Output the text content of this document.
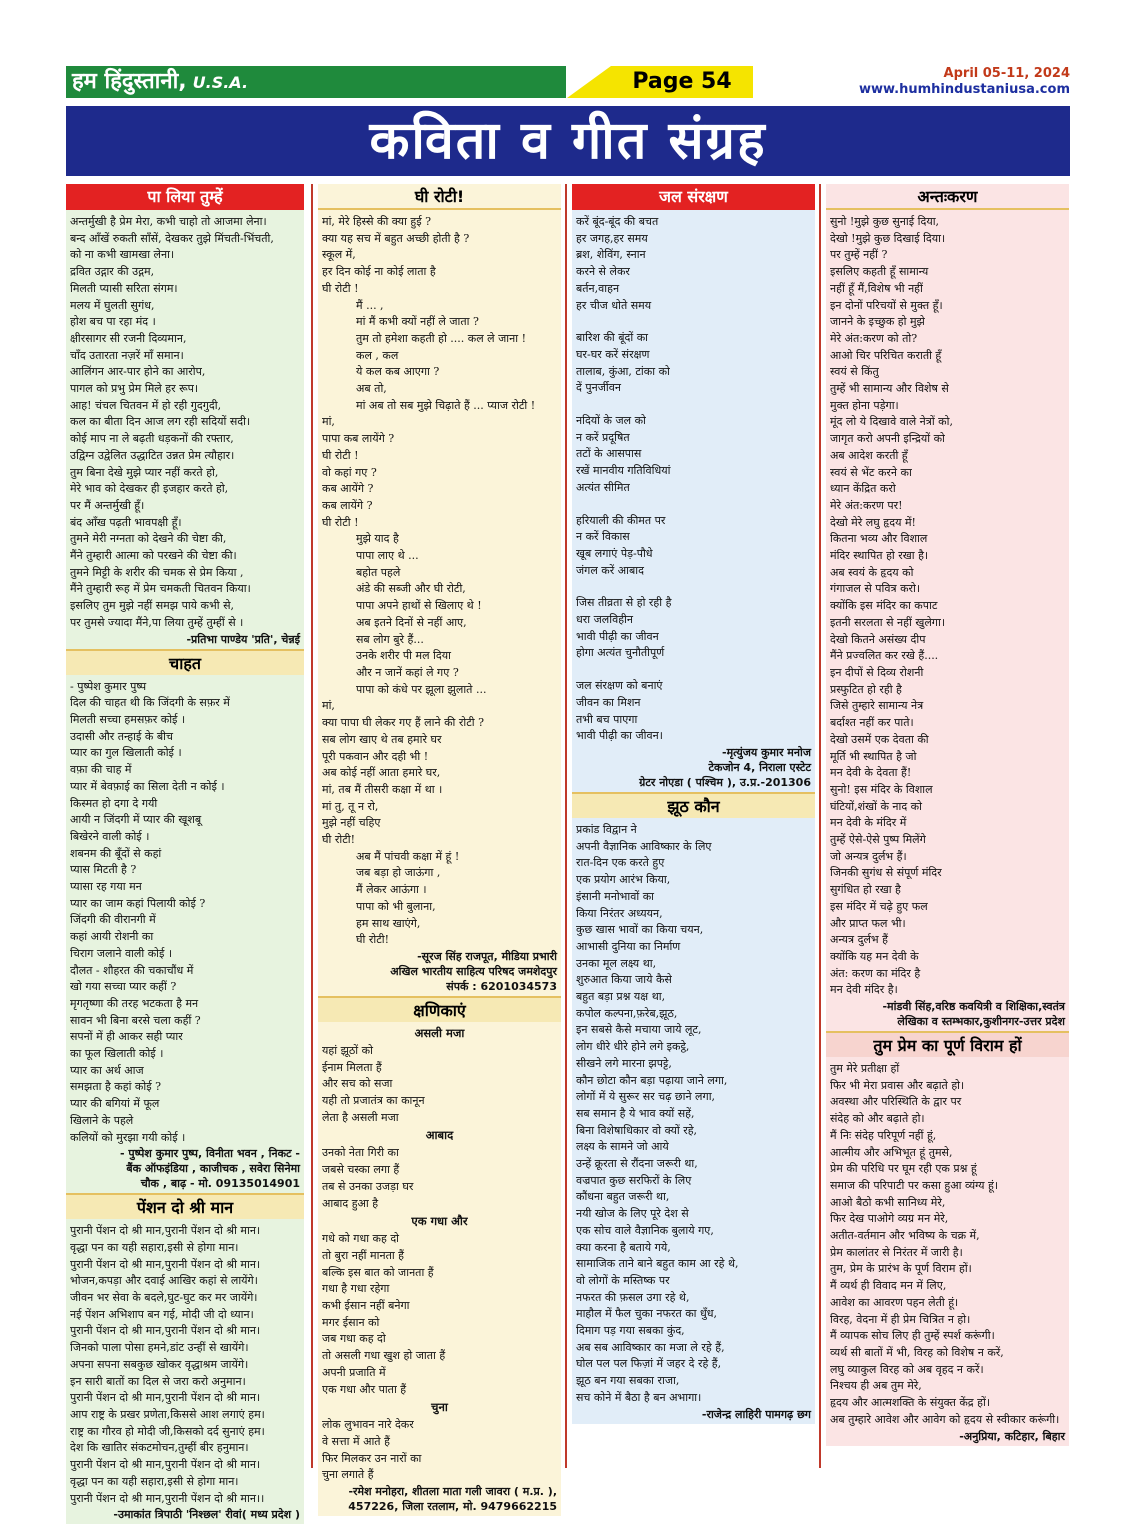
हम हिंदुस्तानी, U.S.A.	Page 54	April 05-11, 2024
www.humhindustaniusa.com
कविता व गीत संग्रह
पा लिया तुम्हें
अन्तर्मुखी है प्रेम मेरा, कभी चाहो तो आजमा लेना।
बन्द आँखें रुकती साँसें, देखकर तुझे मिंचती-भिंचती,
को ना कभी खामखा लेना।
द्रवित उद्गार की उद्गम,
मिलती प्यासी सरिता संगम।
मलय में घुलती सुगंध,
होश बच पा रहा मंद ।
क्षीरसागर सी रजनी दिव्यमान,
चाँद उतारता नज़रें माँ समान।
आलिंगन आर-पार होने का आरोप,
पागल को प्रभु प्रेम मिले हर रूप।
आह! चंचल चितवन में हो रही गुदगुदी,
कल का बीता दिन आज लग रही सदियों सदी।
कोई माप ना ले बढ़ती धड़कनों की रफ्तार,
उद्विग्न उद्वेलित उद्धाटित उन्नत प्रेम त्यौहार।
तुम बिना देखे मुझे प्यार नहीं करते हो,
मेरे भाव को देखकर ही इजहार करते हो,
पर मैं अन्तर्मुखी हूँ।
बंद आँख पढ़ती भावपक्षी हूँ।
तुमने मेरी नग्नता को देखने की चेष्टा की,
मैंने तुम्हारी आत्मा को परखने की चेष्टा की।
तुमने मिट्टी के शरीर की चमक से प्रेम किया ,
मैंने तुम्हारी रूह में प्रेम चमकती चितवन किया।
इसलिए तुम मुझे नहीं समझ पाये कभी से,
पर तुमसे ज्यादा मैंने,पा लिया तुम्हें तुम्हीं से ।
-प्रतिभा पाण्डेय 'प्रति', चेन्नई
चाहत
- पुष्पेश कुमार पुष्प
दिल की चाहत थी कि जिंदगी के सफ़र में
मिलती सच्चा हमसफ़र कोई ।
उदासी और तन्हाई के बीच
प्यार का गुल खिलाती कोई ।
वफ़ा की चाह में
प्यार में बेवफ़ाई का सिला देती न कोई ।
किस्मत हो दगा दे गयी
आयी न जिंदगी में प्यार की खूशबू
बिखेरने वाली कोई ।
शबनम की बूँदों से कहां
प्यास मिटती है ?
प्यासा रह गया मन
प्यार का जाम कहां पिलायी कोई ?
जिंदगी की वीरानगी में
कहां आयी रोशनी का
चिराग जलाने वाली कोई ।
दौलत - शौहरत की चकाचौंध में
खो गया सच्चा प्यार कहीं ?
मृगतृष्णा की तरह भटकता है मन
सावन भी बिना बरसे चला कहीं ?
सपनों में ही आकर सही प्यार
का फूल खिलाती कोई ।
प्यार का अर्थ आज
समझता है कहां कोई ?
प्यार की बगियां में फूल
खिलाने के पहले
कलियों को मुरझा गयी कोई ।
- पुष्पेश कुमार पुष्प, विनीता भवन , निकट -
बैंक ऑफइंडिया , काजीचक , सवेरा सिनेमा
चौक , बाढ़ - मो. 09135014901
पेंशन दो श्री मान
पुरानी पेंशन दो श्री मान,पुरानी पेंशन दो श्री मान।
वृद्धा पन का यही सहारा,इसी से होगा मान।
पुरानी पेंशन दो श्री मान,पुरानी पेंशन दो श्री मान।
भोजन,कपड़ा और दवाई आखिर कहां से लायेंगे।
जीवन भर सेवा के बदले,घुट-घुट कर मर जायेंगे।
नई पेंशन अभिशाप बन गई, मोदी जी दो ध्यान।
पुरानी पेंशन दो श्री मान,पुरानी पेंशन दो श्री मान।
जिनको पाला पोसा हमने,डांट उन्हीं से खायेंगे।
अपना सपना सबकुछ खोकर वृद्धाश्रम जायेंगे।
इन सारी बातों का दिल से जरा करो अनुमान।
पुरानी पेंशन दो श्री मान,पुरानी पेंशन दो श्री मान।
आप राष्ट्र के प्रखर प्रणेता,किससे आश लगाएं हम।
राष्ट्र का गौरव हो मोदी जी,किसको दर्द सुनाएं हम।
देश कि खातिर संकटमोचन,तुम्हीं बीर हनुमान।
पुरानी पेंशन दो श्री मान,पुरानी पेंशन दो श्री मान।
वृद्धा पन का यही सहारा,इसी से होगा मान।
पुरानी पेंशन दो श्री मान,पुरानी पेंशन दो श्री मान।।
-उमाकांत त्रिपाठी 'निश्छल' रीवां( मध्य प्रदेश )
घी रोटी!
मां, मेरे हिस्से की क्या हुई ?
क्या यह सच में बहुत अच्छी होती है ?
स्कूल में,
हर दिन कोई ना कोई लाता है
घी रोटी !
मैं ... ,
मां मैं कभी क्यों नहीं ले जाता ?
तुम तो हमेशा कहती हो .... कल ले जाना !
कल , कल
ये कल कब आएगा ?
अब तो,
मां अब तो सब मुझे चिढ़ाते हैं ... प्याज रोटी !
मां,
पापा कब लायेंगे ?
घी रोटी !
वो कहां गए ?
कब आयेंगे ?
कब लायेंगे ?
घी रोटी !
मुझे याद है
पापा लाए थे ...
बहोत पहले
अंडे की सब्जी और घी रोटी,
पापा अपने हाथों से खिलाए थे !
अब इतने दिनों से नहीं आए,
सब लोग बुरे हैं...
उनके शरीर पी मल दिया
और न जानें कहां ले गए ?
पापा को कंधे पर झूला झुलाते ...
मां,
क्या पापा घी लेकर गए हैं लाने की रोटी ?
सब लोग खाए थे तब हमारे घर
पूरी पकवान और दही भी !
अब कोई नहीं आता हमारे घर,
मां, तब मैं तीसरी कक्षा में था ।
मां तु, तू न रो,
मुझे नहीं चहिए
घी रोटी!
अब मैं पांचवी कक्षा में हूं !
जब बड़ा हो जाऊंगा ,
मैं लेकर आऊंगा ।
पापा को भी बुलाना,
हम साथ खाएंगे,
घी रोटी!
-सूरज सिंह राजपूत, मीडिया प्रभारी
अखिल भारतीय साहित्य परिषद जमशेदपुर
संपर्क : 6201034573
क्षणिकाएं
असली मजा
यहां झूठों को
ईनाम मिलता हैं
और सच को सजा
यही तो प्रजातंत्र का कानून
लेता है असली मजा
आबाद
उनको नेता गिरी का
जबसे चस्का लगा हैं
तब से उनका उजड़ा घर
आबाद हुआ है
एक गधा और
गधे को गधा कह दो
तो बुरा नहीं मानता हैं
बल्कि इस बात को जानता हैं
गधा है गधा रहेगा
कभी ईसान नहीं बनेगा
मगर ईसान को
जब गधा कह दो
तो असली गधा खुश हो जाता हैं
अपनी प्रजाति में
एक गधा और पाता हैं
चुना
लोक लुभावन नारे देकर
वे सत्ता में आते हैं
फिर मिलकर उन नारों का
चुना लगाते हैं
-रमेश मनोहरा, शीतला माता गली जावरा ( म.प्र. ),
457226, जिला रतलाम, मो. 9479662215
जल संरक्षण
करें बूंद-बूंद की बचत
हर जगह,हर समय
ब्रश, शेविंग, स्नान
करने से लेकर
बर्तन,वाहन
हर चीज धोते समय
बारिश की बूंदों का
घर-घर करें संरक्षण
तालाब, कुंआ, टांका को
दें पुनर्जीवन
नदियों के जल को
न करें प्रदूषित
तटों के आसपास
रखें मानवीय गतिविधियां
अत्यंत सीमित
हरियाली की कीमत पर
न करें विकास
खूब लगाएं पेड़-पौधे
जंगल करें आबाद
जिस तीव्रता से हो रही है
धरा जलविहीन
भावी पीढ़ी का जीवन
होगा अत्यंत चुनौतीपूर्ण
जल संरक्षण को बनाएं
जीवन का मिशन
तभी बच पाएगा
भावी पीढ़ी का जीवन।
-मृत्युंजय कुमार मनोज
टेकजोन 4, निराला एस्टेट
ग्रेटर नोएडा ( पश्चिम ), उ.प्र.-201306
झूठ कौन
प्रकांड विद्वान ने
अपनी वैज्ञानिक आविष्कार के लिए
रात-दिन एक करते हुए
एक प्रयोग आरंभ किया,
इंसानी मनोभावों का
किया निरंतर अध्ययन,
कुछ खास भावों का किया चयन,
आभासी दुनिया का निर्माण
उनका मूल लक्ष्य था,
शुरुआत किया जाये कैसे
बहुत बड़ा प्रश्न यक्ष था,
कपोल कल्पना,फ़रेब,झूठ,
इन सबसे कैसे मचाया जाये लूट,
लोग धीरे धीरे होने लगे इकट्ठे,
सीखने लगे मारना झपट्टे,
कौन छोटा कौन बड़ा पढ़ाया जाने लगा,
लोगों में ये सुरूर सर चढ़ छाने लगा,
सब समान है ये भाव क्यों सहें,
बिना विशेषाधिकार वो क्यों रहे,
लक्ष्य के सामने जो आये
उन्हें क्रूरता से रौंदना जरूरी था,
वज्रपात कुछ सरफिरों के लिए
कौंधना बहुत जरूरी था,
नयी खोज के लिए पूरे देश से
एक सोच वाले वैज्ञानिक बुलाये गए,
क्या करना है बताये गये,
सामाजिक ताने बाने बहुत काम आ रहे थे,
वो लोगों के मस्तिष्क पर
नफरत की फ़सल उगा रहे थे,
माहौल में फैल चुका नफरत का धुँध,
दिमाग पड़ गया सबका कुंद,
अब सब आविष्कार का मजा ले रहे हैं,
घोल पल पल फिज़ां में जहर दे रहे हैं,
झूठ बन गया सबका राजा,
सच कोने में बैठा है बन अभागा।
-राजेन्द्र लाहिरी पामगढ़ छग
अन्तःकरण
सुनो !मुझे कुछ सुनाई दिया,
देखो !मुझे कुछ दिखाई दिया।
पर तुम्हें नहीं ?
इसलिए कहती हूँ सामान्य
नहीं हूँ मैं,विशेष भी नहीं
इन दोनों परिचयों से मुक्त हूँ।
जानने के इच्छुक हो मुझे
मेरे अंत:करण को तो?
आओ चिर परिचित कराती हूँ
स्वयं से किंतु
तुम्हें भी सामान्य और विशेष से
मुक्त होना पड़ेगा।
मूंद लो ये दिखावे वाले नेत्रों को,
जागृत करो अपनी इन्द्रियों को
अब आदेश करती हूँ
स्वयं से भेंट करने का
ध्यान केंद्रित करो
मेरे अंत:करण पर!
देखो मेरे लघु हृदय में!
कितना भव्य और विशाल
मंदिर स्थापित हो रखा है।
अब स्वयं के हृदय को
गंगाजल से पवित्र करो।
क्योंकि इस मंदिर का कपाट
इतनी सरलता से नहीं खुलेगा।
देखो कितने असंख्य दीप
मैंने प्रज्वलित कर रखे हैं....
इन दीपों से दिव्य रोशनी
प्रस्फुटित हो रही है
जिसे तुम्हारे सामान्य नेत्र
बर्दाश्त नहीं कर पाते।
देखो उसमें एक देवता की
मूर्ति भी स्थापित है जो
मन देवी के देवता हैं!
सुनो! इस मंदिर के विशाल
घंटियों,शंखों के नाद को
मन देवी के मंदिर में
तुम्हें ऐसे-ऐसे पुष्प मिलेंगे
जो अन्यत्र दुर्लभ हैं।
जिनकी सुगंध से संपूर्ण मंदिर
सुगंधित हो रखा है
इस मंदिर में चढ़े हुए फल
और प्राप्त फल भी।
अन्यत्र दुर्लभ हैं
क्योंकि यह मन देवी के
अंत: करण का मंदिर है
मन देवी मंदिर है।
-मांडवी सिंह,वरिष्ठ कवयित्री व शिक्षिका,स्वतंत्र
लेखिका व स्तम्भकार,कुशीनगर-उत्तर प्रदेश
तुम प्रेम का पूर्ण विराम हों
तुम मेरे प्रतीक्षा हों
फिर भी मेरा प्रवास और बढ़ाते हो।
अवस्था और परिस्थिति के द्वार पर
संदेह को और बढ़ाते हो।
मैं निः संदेह परिपूर्ण नहीं हूं,
आत्मीय और अभिभूत हूं तुमसे,
प्रेम की परिधि पर घूम रही एक प्रश्न हूं
समाज की परिपाटी पर कसा हुआ व्यंग्य हूं।
आओ बैठो कभी सानिध्य मेरे,
फिर देख पाओगे व्यग्र मन मेरे,
अतीत-वर्तमान और भविष्य के चक्र में,
प्रेम कालांतर से निरंतर में जारी है।
तुम, प्रेम के प्रारंभ के पूर्ण विराम हों।
मैं व्यर्थ ही विवाद मन में लिए,
आवेश का आवरण पहन लेती हूं।
विरह, वेदना में ही प्रेम चित्रित न हो।
मैं व्यापक सोच लिए ही तुम्हें स्पर्श करूंगी।
व्यर्थ सी बातों में भी, विरह को विशेष न करें,
लघु व्याकुल विरह को अब वृहद न करें।
निश्चय ही अब तुम मेरे,
हृदय और आत्मशक्ति के संयुक्त केंद्र हों।
अब तुम्हारे आवेश और आवेग को हृदय से स्वीकार करूंगी।
-अनुप्रिया, कटिहार, बिहार
